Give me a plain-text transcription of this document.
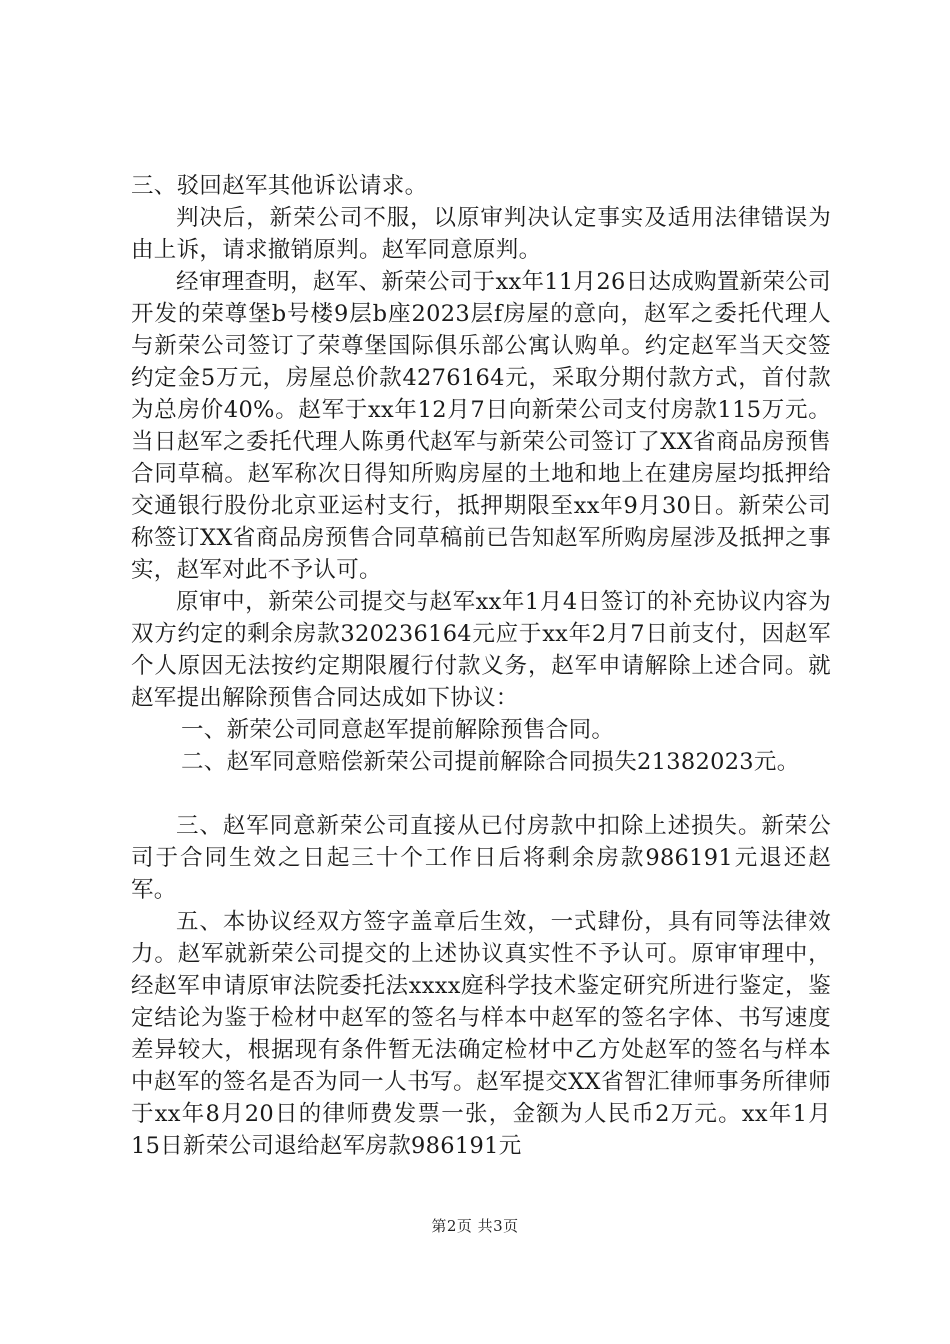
三、驳回赵军其他诉讼请求。

判决后，新荣公司不服，以原审判决认定事实及适用法律错误为由上诉，请求撤销原判。赵军同意原判。

经审理查明，赵军、新荣公司于xx年11月26日达成购置新荣公司开发的荣尊堡b号楼9层b座2023层f房屋的意向，赵军之委托代理人与新荣公司签订了荣尊堡国际俱乐部公寓认购单。约定赵军当天交签约定金5万元，房屋总价款4276164元，采取分期付款方式，首付款为总房价40%。赵军于xx年12月7日向新荣公司支付房款115万元。当日赵军之委托代理人陈勇代赵军与新荣公司签订了XX省商品房预售合同草稿。赵军称次日得知所购房屋的土地和地上在建房屋均抵押给交通银行股份北京亚运村支行，抵押期限至xx年9月30日。新荣公司称签订XX省商品房预售合同草稿前已告知赵军所购房屋涉及抵押之事实，赵军对此不予认可。

原审中，新荣公司提交与赵军xx年1月4日签订的补充协议内容为双方约定的剩余房款320236164元应于xx年2月7日前支付，因赵军个人原因无法按约定期限履行付款义务，赵军申请解除上述合同。就赵军提出解除预售合同达成如下协议：

一、新荣公司同意赵军提前解除预售合同。

二、赵军同意赔偿新荣公司提前解除合同损失21382023元。

三、赵军同意新荣公司直接从已付房款中扣除上述损失。新荣公司于合同生效之日起三十个工作日后将剩余房款986191元退还赵军。

五、本协议经双方签字盖章后生效，一式肆份，具有同等法律效力。赵军就新荣公司提交的上述协议真实性不予认可。原审审理中，经赵军申请原审法院委托法xxxx庭科学技术鉴定研究所进行鉴定，鉴定结论为鉴于检材中赵军的签名与样本中赵军的签名字体、书写速度差异较大，根据现有条件暂无法确定检材中乙方处赵军的签名与样本中赵军的签名是否为同一人书写。赵军提交XX省智汇律师事务所律师于xx年8月20日的律师费发票一张，金额为人民币2万元。xx年1月15日新荣公司退给赵军房款986191元

第2页 共3页
